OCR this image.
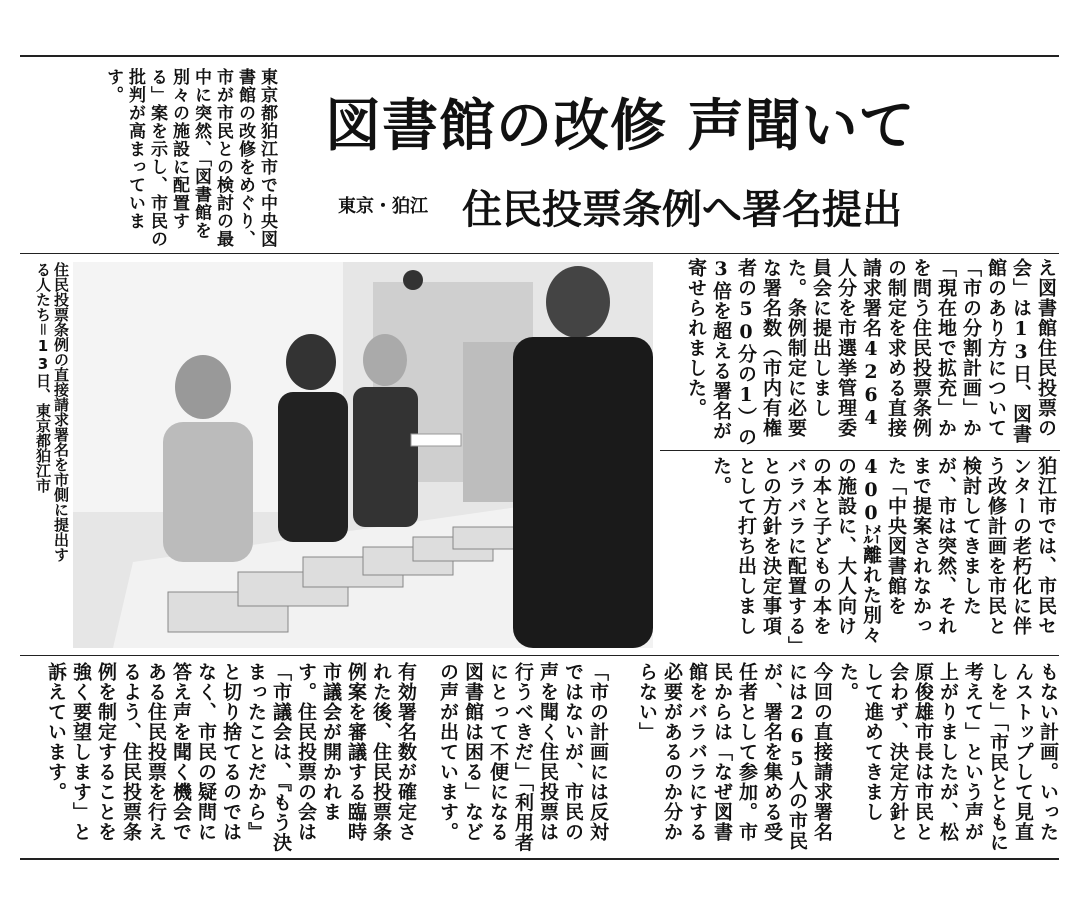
図書館の改修 声聞いて
東京・狛江 住民投票条例へ署名提出
東京都狛江市で中央図書館の改修をめぐり、市が市民との検討の最中に突然、「図書館を別々の施設に配置する」案を示し、市民の批判が高まっています。
え図書館住民投票の会」は13日、図書館のあり方について「市の分割計画」か「現在地で拡充」かを問う住民投票条例の制定を求める直接請求署名4264人分を市選挙管理委員会に提出しました。条例制定に必要な署名数（市内有権者の50分の1）の3倍を超える署名が寄せられました。
狛江市では、市民センターの老朽化に伴う改修計画を市民と検討してきましたが、市は突然、それまで提案されなかった「中央図書館を400㍍離れた別々の施設に、大人向けの本と子どもの本をバラバラに配置する」との方針を決定事項として打ち出しました。
もない計画。いったんストップして見直しを」「市民とともに考えて」という声が上がりましたが、松原俊雄市長は市民と会わず、決定方針として進めてきました。
今回の直接請求署名には265人の市民が、署名を集める受任者として参加。市民からは「なぜ図書館をバラバラにする必要があるのか分からない」
「市の計画には反対ではないが、市民の声を聞く住民投票は行うべきだ」「利用者にとって不便になる図書館は困る」などの声が出ています。
有効署名数が確定された後、住民投票条例案を審議する臨時市議会が開かれます。住民投票の会は「市議会は、『もう決まったことだから』と切り捨てるのではなく、市民の疑問に答え声を聞く機会である住民投票を行えるよう、住民投票条例を制定することを強く要望します」と訴えています。
住民投票条例の直接請求署名を市側に提出する人たち＝13日、東京都狛江市
